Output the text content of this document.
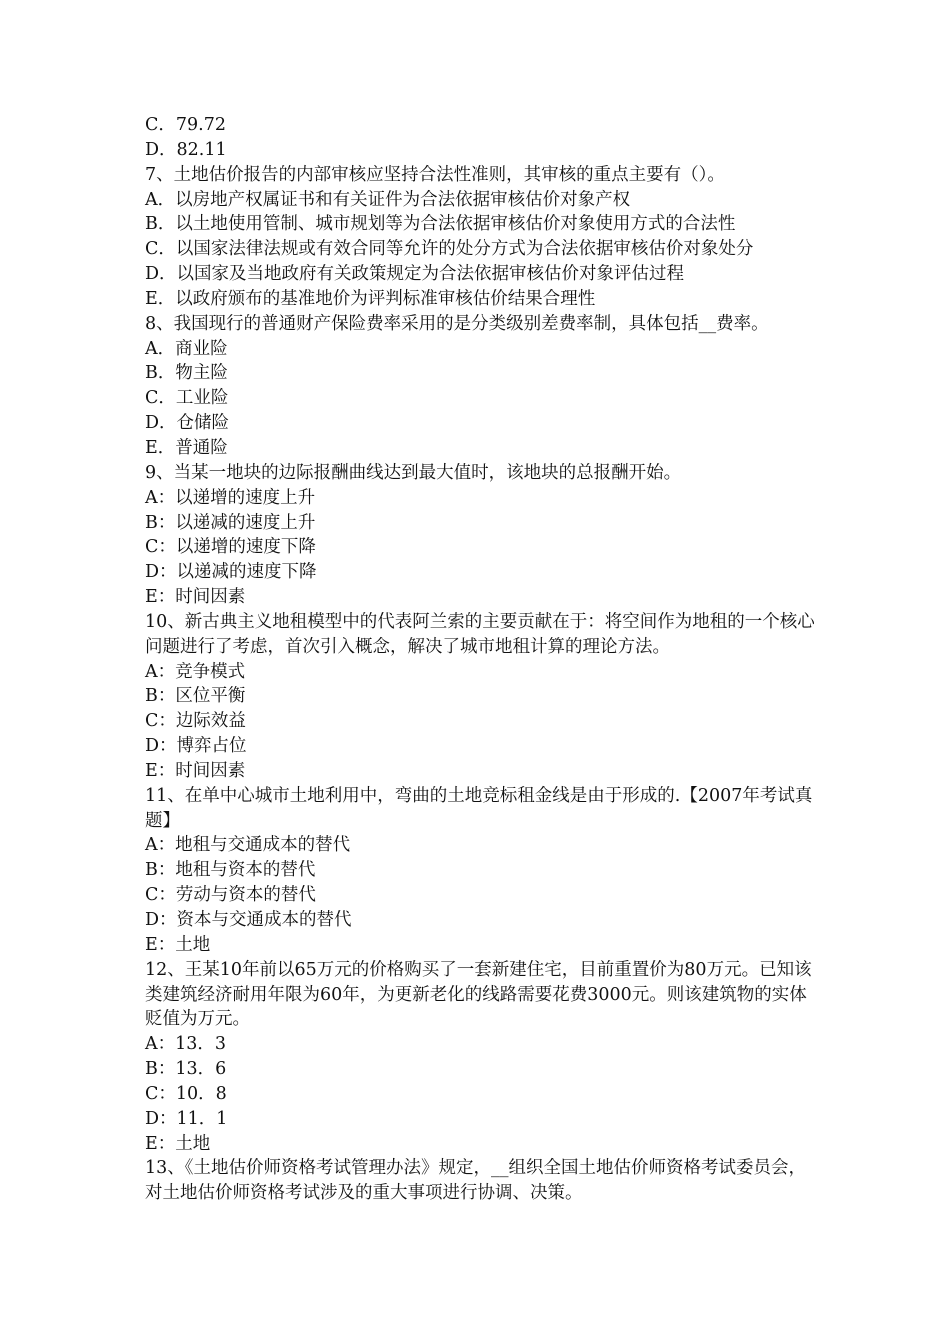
C．79.72
D．82.11
7、土地估价报告的内部审核应坚持合法性准则，其审核的重点主要有（）。
A．以房地产权属证书和有关证件为合法依据审核估价对象产权
B．以土地使用管制、城市规划等为合法依据审核估价对象使用方式的合法性
C．以国家法律法规或有效合同等允许的处分方式为合法依据审核估价对象处分
D．以国家及当地政府有关政策规定为合法依据审核估价对象评估过程
E．以政府颁布的基准地价为评判标准审核估价结果合理性
8、我国现行的普通财产保险费率采用的是分类级别差费率制，具体包括__费率。
A．商业险
B．物主险
C．工业险
D．仓储险
E．普通险
9、当某一地块的边际报酬曲线达到最大值时，该地块的总报酬开始。
A：以递增的速度上升
B：以递减的速度上升
C：以递增的速度下降
D：以递减的速度下降
E：时间因素
10、新古典主义地租模型中的代表阿兰索的主要贡献在于：将空间作为地租的一个核心问题进行了考虑，首次引入概念，解决了城市地租计算的理论方法。
A：竞争模式
B：区位平衡
C：边际效益
D：博弈占位
E：时间因素
11、在单中心城市土地利用中，弯曲的土地竞标租金线是由于形成的.【2007年考试真题】
A：地租与交通成本的替代
B：地租与资本的替代
C：劳动与资本的替代
D：资本与交通成本的替代
E：土地
12、王某10年前以65万元的价格购买了一套新建住宅，目前重置价为80万元。已知该类建筑经济耐用年限为60年，为更新老化的线路需要花费3000元。则该建筑物的实体贬值为万元。
A：13．3
B：13．6
C：10．8
D：11．1
E：土地
13、《土地估价师资格考试管理办法》规定，__组织全国土地估价师资格考试委员会，对土地估价师资格考试涉及的重大事项进行协调、决策。
